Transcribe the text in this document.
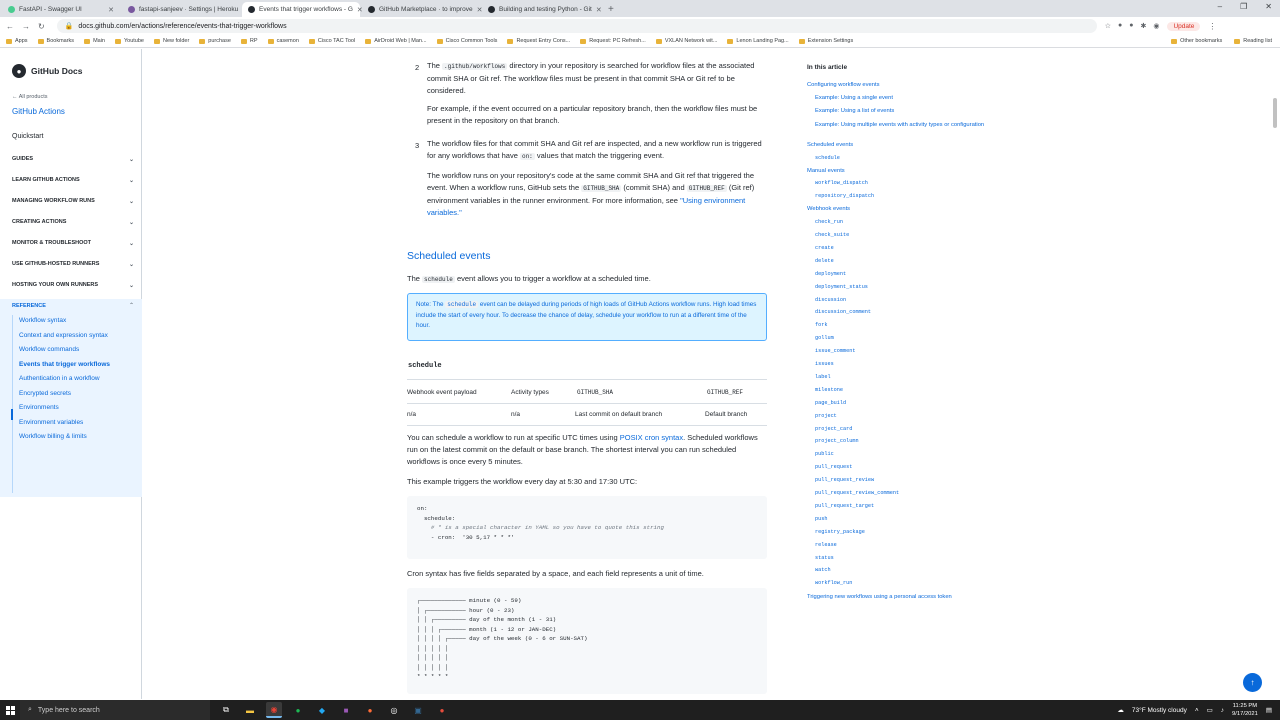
FastAPI - Swagger UI	✕	fastapi-sanjeev · Settings | Heroku	Events that trigger workflows - G ✕ GitHub Marketplace · to improve ✕	Building and testing Python - Git ✕ +	– ❐ ✕
← → ↻	🔒 docs.github.com/en/actions/reference/events-that-trigger-workflows	☆ ● ● ✱ ◉	Update	⋮
Apps	Bookmarks	Main	Youtube	New folder	purchase	RP	casemon	Cisco TAC Tool	AirDroid Web | Man...	Cisco Common Tools	Request Entry Cons...	Request: PC Refresh...	VXLAN Network wit...	Lenon Landing Pag...	Extension Settings	Other bookmarks	Reading list
●	GitHub Docs
← All products
GitHub Actions
Quickstart
GUIDES	⌄
LEARN GITHUB ACTIONS	⌄
MANAGING WORKFLOW RUNS	⌄
CREATING ACTIONS	⌄
MONITOR & TROUBLESHOOT	⌄
USE GITHUB-HOSTED RUNNERS	⌄
HOSTING YOUR OWN RUNNERS	⌄
REFERENCE	⌃
Workflow syntax
Context and expression syntax
Workflow commands
Events that trigger workflows
Authentication in a workflow
Encrypted secrets
Environments
Environment variables
Workflow billing & limits
2 The .github/workflows directory in your repository is searched for workflow files at the associated commit SHA or Git ref. The workflow files must be present in that commit SHA or Git ref to be considered.
For example, if the event occurred on a particular repository branch, then the workflow files must be present in the repository on that branch.
3 The workflow files for that commit SHA and Git ref are inspected, and a new workflow run is triggered for any workflows that have on: values that match the triggering event.
The workflow runs on your repository's code at the same commit SHA and Git ref that triggered the event. When a workflow runs, GitHub sets the GITHUB_SHA (commit SHA) and GITHUB_REF (Git ref) environment variables in the runner environment. For more information, see "Using environment variables."
Scheduled events
The schedule event allows you to trigger a workflow at a scheduled time.
Note: The schedule event can be delayed during periods of high loads of GitHub Actions workflow runs. High load times include the start of every hour. To decrease the chance of delay, schedule your workflow to run at a different time of the hour.
schedule
Webhook event payload	Activity types	GITHUB_SHA	GITHUB_REF
n/a	n/a	Last commit on default branch	Default branch
You can schedule a workflow to run at specific UTC times using POSIX cron syntax. Scheduled workflows run on the latest commit on the default or base branch. The shortest interval you can run scheduled workflows is once every 5 minutes.
This example triggers the workflow every day at 5:30 and 17:30 UTC:
on:
schedule:
# * is a special character in YAML so you have to quote this string
- cron:  '30 5,17 * * *'
Cron syntax has five fields separated by a space, and each field represents a unit of time.
┌───────────── minute (0 - 59)
│ ┌─────────── hour (0 - 23)
│ │ ┌───────── day of the month (1 - 31)
│ │ │ ┌─────── month (1 - 12 or JAN-DEC)
│ │ │ │ ┌───── day of the week (0 - 6 or SUN-SAT)
│ │ │ │ │
│ │ │ │ │
│ │ │ │ │
* * * * *
In this article
Configuring workflow events
Example: Using a single event
Example: Using a list of events
Example: Using multiple events with activity types or configuration
Scheduled events
schedule
Manual events
workflow_dispatch
repository_dispatch
Webhook events
check_run
check_suite
create
delete
deployment
deployment_status
discussion
discussion_comment
fork
gollum
issue_comment
issues
label
milestone
page_build
project
project_card
project_column
public
pull_request
pull_request_review
pull_request_review_comment
pull_request_target
push
registry_package
release
status
watch
workflow_run
Triggering new workflows using a personal access token
↑
⌕ Type here to search	⧉	▬	◉	●	◆	■	●	◎	▣	●	☁ 73°F Mostly cloudy ˄ ▭ ♪
11:25 PM
9/17/2021 ▤
